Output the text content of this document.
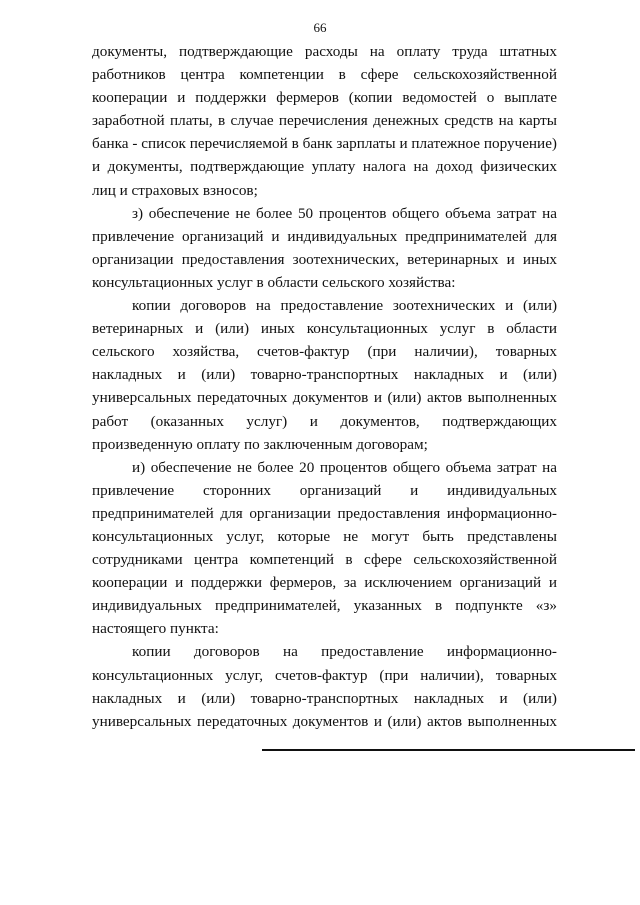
66

документы, подтверждающие расходы на оплату труда штатных работников центра компетенции в сфере сельскохозяйственной кооперации и поддержки фермеров (копии ведомостей о выплате заработной платы, в случае перечисления денежных средств на карты банка - список перечисляемой в банк зарплаты и платежное поручение) и документы, подтверждающие уплату налога на доход физических лиц и страховых взносов;

з) обеспечение не более 50 процентов общего объема затрат на привлечение организаций и индивидуальных предпринимателей для организации предоставления зоотехнических, ветеринарных и иных консультационных услуг в области сельского хозяйства:

копии договоров на предоставление зоотехнических и (или) ветеринарных и (или) иных консультационных услуг в области сельского хозяйства, счетов-фактур (при наличии), товарных накладных и (или) товарно-транспортных накладных и (или) универсальных передаточных документов и (или) актов выполненных работ (оказанных услуг) и документов, подтверждающих произведенную оплату по заключенным договорам;

и) обеспечение не более 20 процентов общего объема затрат на привлечение сторонних организаций и индивидуальных предпринимателей для организации предоставления информационно-консультационных услуг, которые не могут быть представлены сотрудниками центра компетенций в сфере сельскохозяйственной кооперации и поддержки фермеров, за исключением организаций и индивидуальных предпринимателей, указанных в подпункте «з» настоящего пункта:

копии договоров на предоставление информационно-консультационных услуг, счетов-фактур (при наличии), товарных накладных и (или) товарно-транспортных накладных и (или) универсальных передаточных документов и (или) актов выполненных
